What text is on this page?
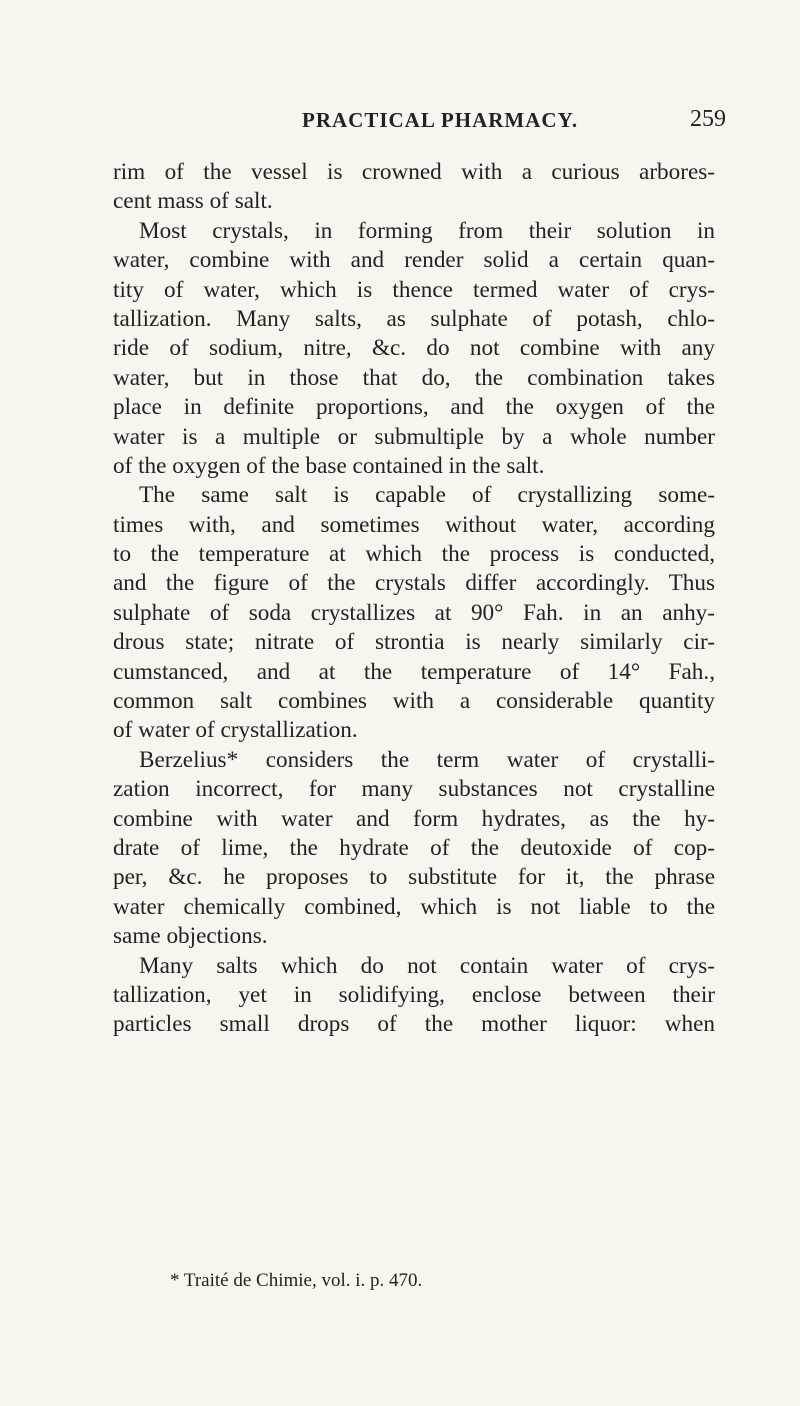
PRACTICAL PHARMACY.	259
rim of the vessel is crowned with a curious arbores-
cent mass of salt.
Most crystals, in forming from their solution in
water, combine with and render solid a certain quan-
tity of water, which is thence termed water of crys-
tallization. Many salts, as sulphate of potash, chlo-
ride of sodium, nitre, &c. do not combine with any
water, but in those that do, the combination takes
place in definite proportions, and the oxygen of the
water is a multiple or submultiple by a whole number
of the oxygen of the base contained in the salt.
The same salt is capable of crystallizing some-
times with, and sometimes without water, according
to the temperature at which the process is conducted,
and the figure of the crystals differ accordingly. Thus
sulphate of soda crystallizes at 90° Fah. in an anhy-
drous state; nitrate of strontia is nearly similarly cir-
cumstanced, and at the temperature of 14° Fah.,
common salt combines with a considerable quantity
of water of crystallization.
Berzelius* considers the term water of crystalli-
zation incorrect, for many substances not crystalline
combine with water and form hydrates, as the hy-
drate of lime, the hydrate of the deutoxide of cop-
per, &c. he proposes to substitute for it, the phrase
water chemically combined, which is not liable to the
same objections.
Many salts which do not contain water of crys-
tallization, yet in solidifying, enclose between their
particles small drops of the mother liquor: when
* Traité de Chimie, vol. i. p. 470.
